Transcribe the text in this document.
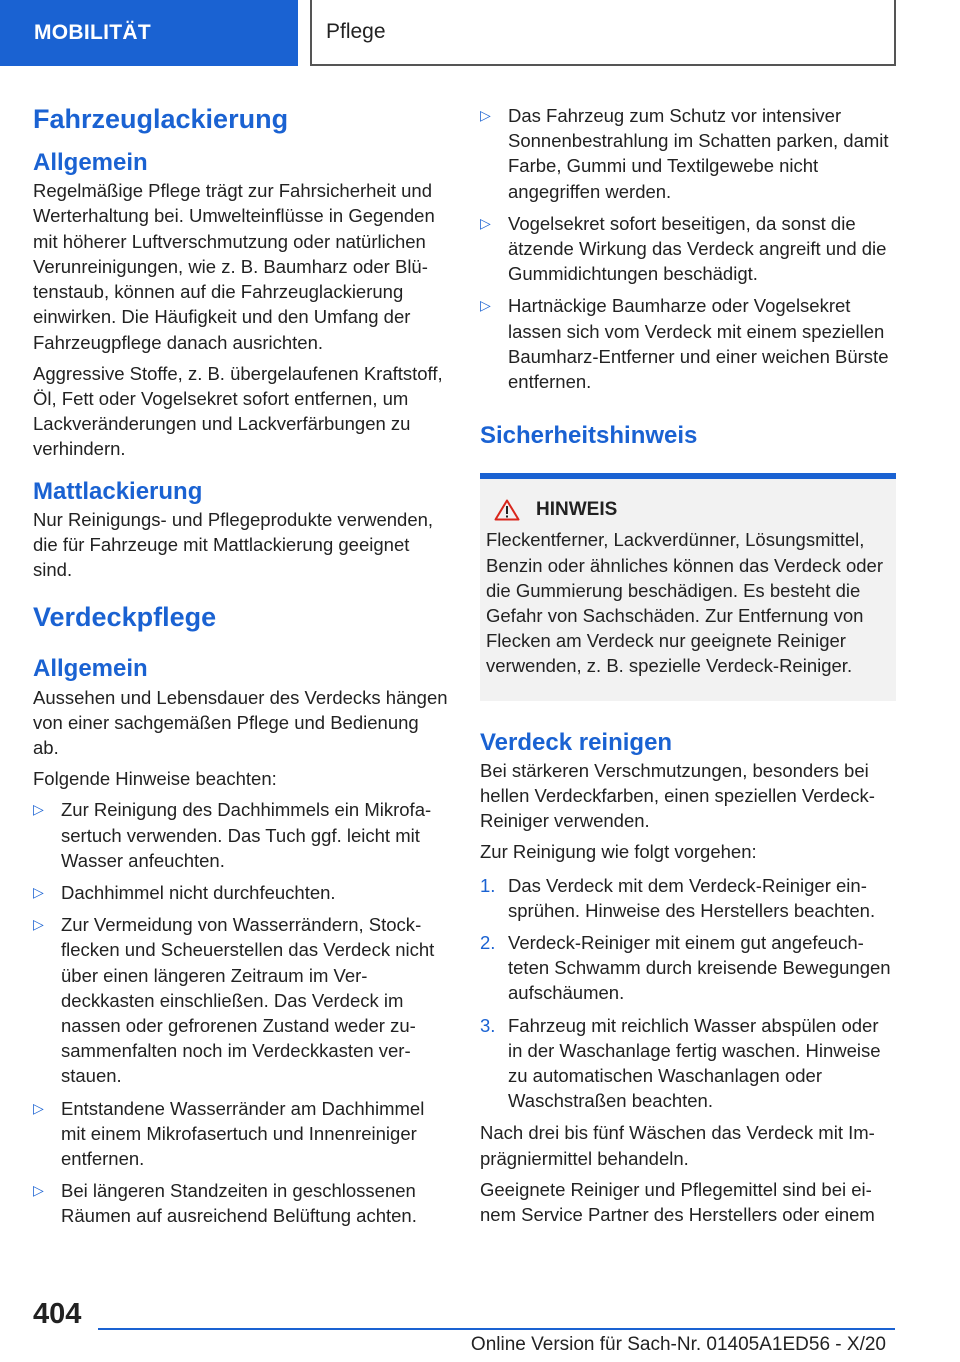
MOBILITÄT	Pflege
Fahrzeuglackierung
Allgemein

Regelmäßige Pflege trägt zur Fahrsicherheit und Werterhaltung bei. Umwelteinflüsse in Gegenden mit höherer Luftverschmutzung oder natürlichen Verunreinigungen, wie z. B. Baumharz oder Blütenstaub, können auf die Fahrzeuglackierung einwirken. Die Häufigkeit und den Umfang der Fahrzeugpflege danach ausrichten.

Aggressive Stoffe, z. B. übergelaufenen Kraftstoff, Öl, Fett oder Vogelsekret sofort entfernen, um Lackveränderungen und Lackverfärbungen zu verhindern.

Mattlackierung

Nur Reinigungs- und Pflegeprodukte verwenden, die für Fahrzeuge mit Mattlackierung geeignet sind.

Verdeckpflege
Allgemein

Aussehen und Lebensdauer des Verdecks hängen von einer sachgemäßen Pflege und Bedienung ab.

Folgende Hinweise beachten:

▷ Zur Reinigung des Dachhimmels ein Mikrofasertuch verwenden. Das Tuch ggf. leicht mit Wasser anfeuchten.
▷ Dachhimmel nicht durchfeuchten.
▷ Zur Vermeidung von Wasserrändern, Stockflecken und Scheuerstellen das Verdeck nicht über einen längeren Zeitraum im Verdeckkasten einschließen. Das Verdeck im nassen oder gefrorenen Zustand weder zusammenfalten noch im Verdeckkasten verstauen.
▷ Entstandene Wasserränder am Dachhimmel mit einem Mikrofasertuch und Innenreiniger entfernen.
▷ Bei längeren Standzeiten in geschlossenen Räumen auf ausreichend Belüftung achten.
▷ Das Fahrzeug zum Schutz vor intensiver Sonnenbestrahlung im Schatten parken, damit Farbe, Gummi und Textilgewebe nicht angegriffen werden.
▷ Vogelsekret sofort beseitigen, da sonst die ätzende Wirkung das Verdeck angreift und die Gummidichtungen beschädigt.
▷ Hartnäckige Baumharze oder Vogelsekret lassen sich vom Verdeck mit einem speziellen Baumharz-Entferner und einer weichen Bürste entfernen.
Sicherheitshinweis
HINWEIS

Fleckentferner, Lackverdünner, Lösungsmittel, Benzin oder ähnliches können das Verdeck oder die Gummierung beschädigen. Es besteht die Gefahr von Sachschäden. Zur Entfernung von Flecken am Verdeck nur geeignete Reiniger verwenden, z. B. spezielle Verdeck-Reiniger.

Verdeck reinigen

Bei stärkeren Verschmutzungen, besonders bei hellen Verdeckfarben, einen speziellen Verdeck-Reiniger verwenden.

Zur Reinigung wie folgt vorgehen:

1. Das Verdeck mit dem Verdeck-Reiniger einsprühen. Hinweise des Herstellers beachten.
2. Verdeck-Reiniger mit einem gut angefeuchteten Schwamm durch kreisende Bewegungen aufschäumen.
3. Fahrzeug mit reichlich Wasser abspülen oder in der Waschanlage fertig waschen. Hinweise zu automatischen Waschanlagen oder Waschstraßen beachten.

Nach drei bis fünf Wäschen das Verdeck mit Imprägniermittel behandeln.

Geeignete Reiniger und Pflegemittel sind bei einem Service Partner des Herstellers oder einem

404
Online Version für Sach-Nr. 01405A1ED56 - X/20
